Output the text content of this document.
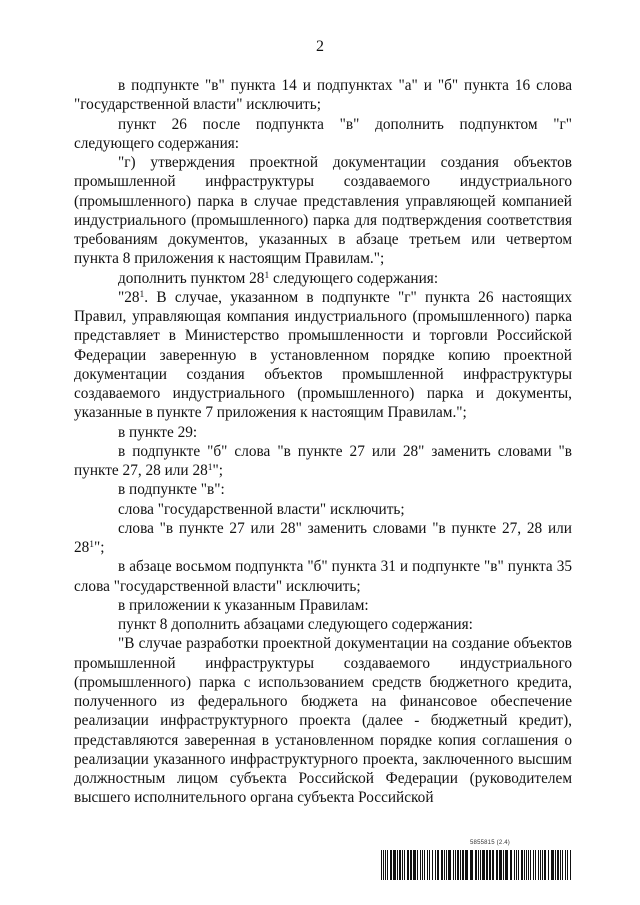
2

в подпункте "в" пункта 14 и подпунктах "а" и "б" пункта 16 слова "государственной власти" исключить;

пункт 26 после подпункта "в" дополнить подпунктом "г" следующего содержания:

"г) утверждения проектной документации создания объектов промышленной инфраструктуры создаваемого индустриального (промышленного) парка в случае представления управляющей компанией индустриального (промышленного) парка для подтверждения соответствия требованиям документов, указанных в абзаце третьем или четвертом пункта 8 приложения к настоящим Правилам.";

дополнить пунктом $28^1$ следующего содержания:

"$28^1$. В случае, указанном в подпункте "г" пункта 26 настоящих Правил, управляющая компания индустриального (промышленного) парка представляет в Министерство промышленности и торговли Российской Федерации заверенную в установленном порядке копию проектной документации создания объектов промышленной инфраструктуры создаваемого индустриального (промышленного) парка и документы, указанные в пункте 7 приложения к настоящим Правилам.";

в пункте 29:

в подпункте "б" слова "в пункте 27 или 28" заменить словами "в пункте 27, 28 или $28^1$";

в подпункте "в":

слова "государственной власти" исключить;

слова "в пункте 27 или 28" заменить словами "в пункте 27, 28 или $28^1$";

в абзаце восьмом подпункта "б" пункта 31 и подпункте "в" пункта 35 слова "государственной власти" исключить;

в приложении к указанным Правилам:

пункт 8 дополнить абзацами следующего содержания:

"В случае разработки проектной документации на создание объектов промышленной инфраструктуры создаваемого индустриального (промышленного) парка с использованием средств бюджетного кредита, полученного из федерального бюджета на финансовое обеспечение реализации инфраструктурного проекта (далее - бюджетный кредит), представляются заверенная в установленном порядке копия соглашения о реализации указанного инфраструктурного проекта, заключенного высшим должностным лицом субъекта Российской Федерации (руководителем высшего исполнительного органа субъекта Российской

5855815 (2.4)
